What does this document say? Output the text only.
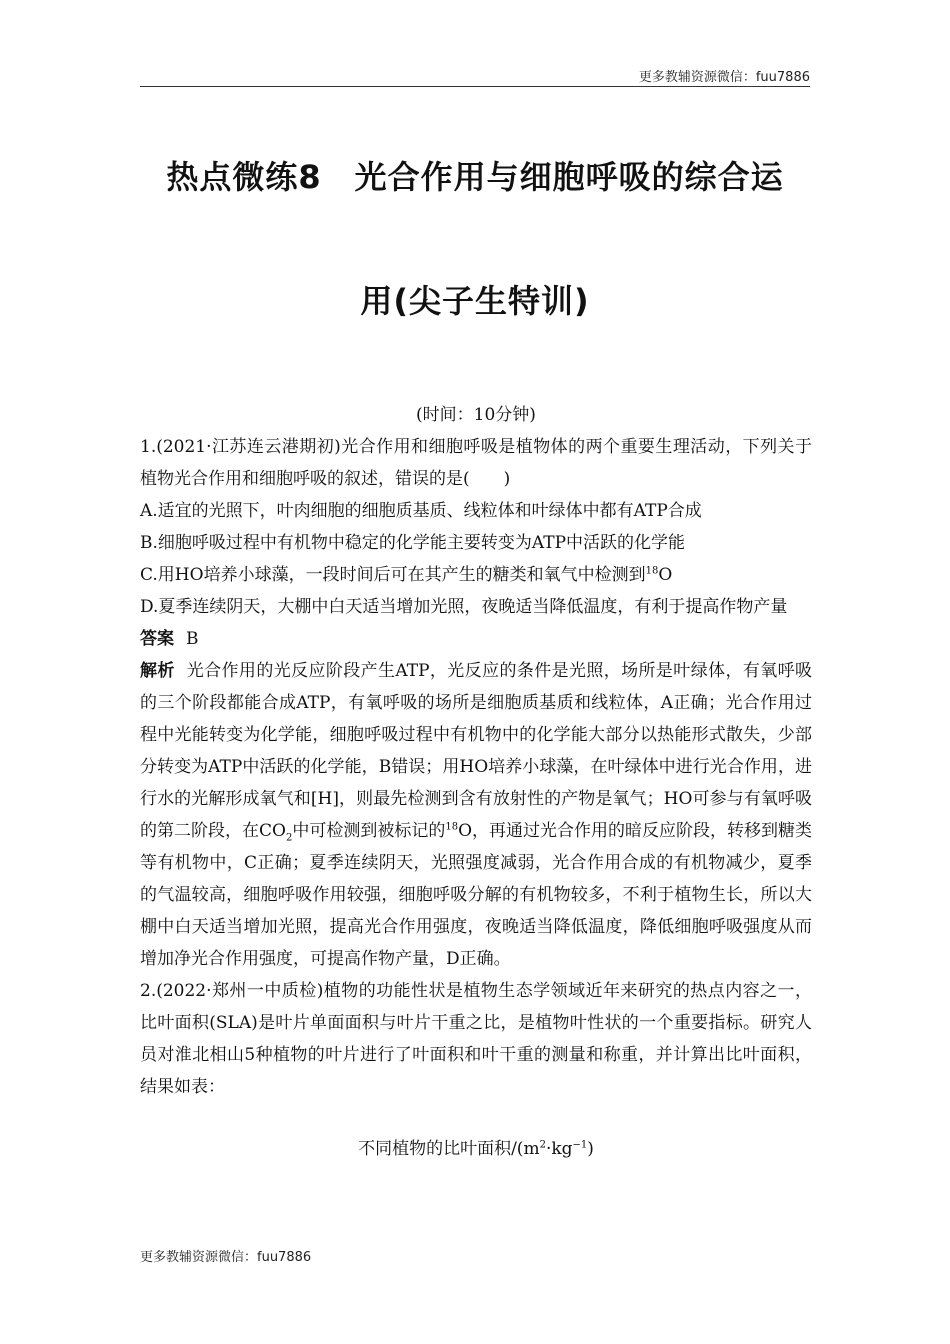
更多教辅资源微信：fuu7886
热点微练8　光合作用与细胞呼吸的综合运
用(尖子生特训)

(时间：10分钟)

1.(2021·江苏连云港期初)光合作用和细胞呼吸是植物体的两个重要生理活动，下列关于植物光合作用和细胞呼吸的叙述，错误的是(　　)

A.适宜的光照下，叶肉细胞的细胞质基质、线粒体和叶绿体中都有ATP合成

B.细胞呼吸过程中有机物中稳定的化学能主要转变为ATP中活跃的化学能

C.用HO培养小球藻，一段时间后可在其产生的糖类和氧气中检测到$^{18}$O

D.夏季连续阴天，大棚中白天适当增加光照，夜晚适当降低温度，有利于提高作物产量

答案 B

解析 光合作用的光反应阶段产生ATP，光反应的条件是光照，场所是叶绿体，有氧呼吸的三个阶段都能合成ATP，有氧呼吸的场所是细胞质基质和线粒体，A正确；光合作用过程中光能转变为化学能，细胞呼吸过程中有机物中的化学能大部分以热能形式散失，少部分转变为ATP中活跃的化学能，B错误；用HO培养小球藻，在叶绿体中进行光合作用，进行水的光解形成氧气和[H]，则最先检测到含有放射性的产物是氧气；HO可参与有氧呼吸的第二阶段，在$CO_2$中可检测到被标记的$^{18}$O，再通过光合作用的暗反应阶段，转移到糖类等有机物中，C正确；夏季连续阴天，光照强度减弱，光合作用合成的有机物减少，夏季的气温较高，细胞呼吸作用较强，细胞呼吸分解的有机物较多，不利于植物生长，所以大棚中白天适当增加光照，提高光合作用强度，夜晚适当降低温度，降低细胞呼吸强度从而增加净光合作用强度，可提高作物产量，D正确。

2.(2022·郑州一中质检)植物的功能性状是植物生态学领域近年来研究的热点内容之一，比叶面积(SLA)是叶片单面面积与叶片干重之比，是植物叶性状的一个重要指标。研究人员对淮北相山5种植物的叶片进行了叶面积和叶干重的测量和称重，并计算出比叶面积，结果如表：

不同植物的比叶面积$/(m^2\cdot kg^{-1})$

更多教辅资源微信：fuu7886
